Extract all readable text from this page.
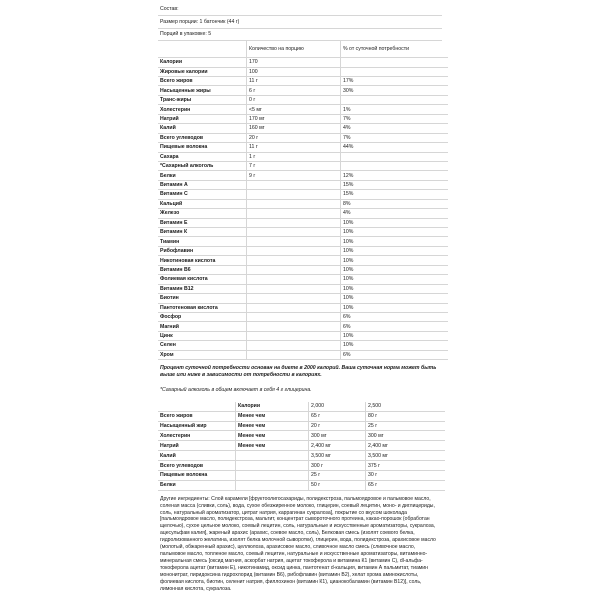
Состав:
Размер порции: 1 батончик (44 г)
Порций в упаковке: 5
	Количество на порцию	% от суточной потребности
Калории	170	
Жировые калории	100	
Всего жиров	11 г	17%
Насыщенные жиры	6 г	30%
Транс-жиры	0 г	
Холестерин	<5 мг	1%
Натрий	170 мг	7%
Калий	160 мг	4%
Всего углеводов	20 г	7%
Пищевые волокна	11 г	44%
Сахара	1 г	
*Сахарный алкоголь	7 г	
Белки	9 г	12%
Витамин А		15%
Витамин С		15%
Кальций		8%
Железо		4%
Витамин Е		10%
Витамин К		10%
Тиамин		10%
Рибофлавин		10%
Никотиновая кислота		10%
Витамин B6		10%
Фолиевая кислота		10%
Витамин B12		10%
Биотин		10%
Пантотеновая кислота		10%
Фосфор		6%
Магний		6%
Цинк		10%
Селен		10%
Хром		6%
Процент суточной потребности основан на диете в 2000 калорий. Ваша суточная норма может быть выше или ниже в зависимости от потребности в калориях.
*Сахарный алкоголь в общем включает в себя 4 г глицерина.
	Калории	2,000	2,500
Всего жиров	Менее чем	65 г	80 г
Насыщенный жир	Менее чем	20 г	25 г
Холестерин	Менее чем	300 мг	300 мг
Натрий	Менее чем	2,400 мг	2,400 мг
Калий		3,500 мг	3,500 мг
Всего углеводов		300 г	375 г
Пищевые волокна		25 г	30 г
Белки		50 г	65 г
Другие ингредиенты: Слой карамели [фруктоолигосахариды, полидекстроза, пальмоядровое и пальмовое масло, соленая масса (сливки, соль), вода, сухое обезжиренное молоко, глицерин, соевый лецитин, моно- и диглицериды, соль, натуральный ароматизатор, цитрат натрия, каррагинан сукралоза], покрытие со вкусом шоколада [пальмоядровое масло, полидекстроза, мальтит, концентрат сывороточного протеина, какао-порошок (обработан щелочью), сухое цельное молоко, соевый лецитин, соль, натуральные и искусственные ароматизаторы, сукралоза, ацесульфам калия], жареный арахис (арахис, соевое масло, соль), Белковая смесь (изолят соевого белка, гидролизованного желатина, изолят белка молочной сыворотки), глицерин, вода, полидекстроза, арахисовое масло (молотый, обжаренный арахис), целлюлоза, арахисовое масло, сливочное масло смесь (сливочное масло, пальмовое масло, топленое масло, соевый лецитин, натуральные и искусственные ароматизаторы, витаминно-минеральная смесь [оксид магния, аскорбат натрия, ацетат токоферола и витамина К1 (витамин С), dl-альфа-токоферола ацетат (витамин Е), никотинамид, оксид цинка, пантотенат d-кальция, витамин А пальмитат, тиамин мононитрат, пиридоксина гидрохлорид (витамин B6), рибофлавин (витамин B2), хелат хрома аминокислоты, фолиевая кислота, биотин, селенит натрия, филлохинон (витамин К1), цианокобаламин (витамин B12)], соль, лимонная кислота, сукралоза.
